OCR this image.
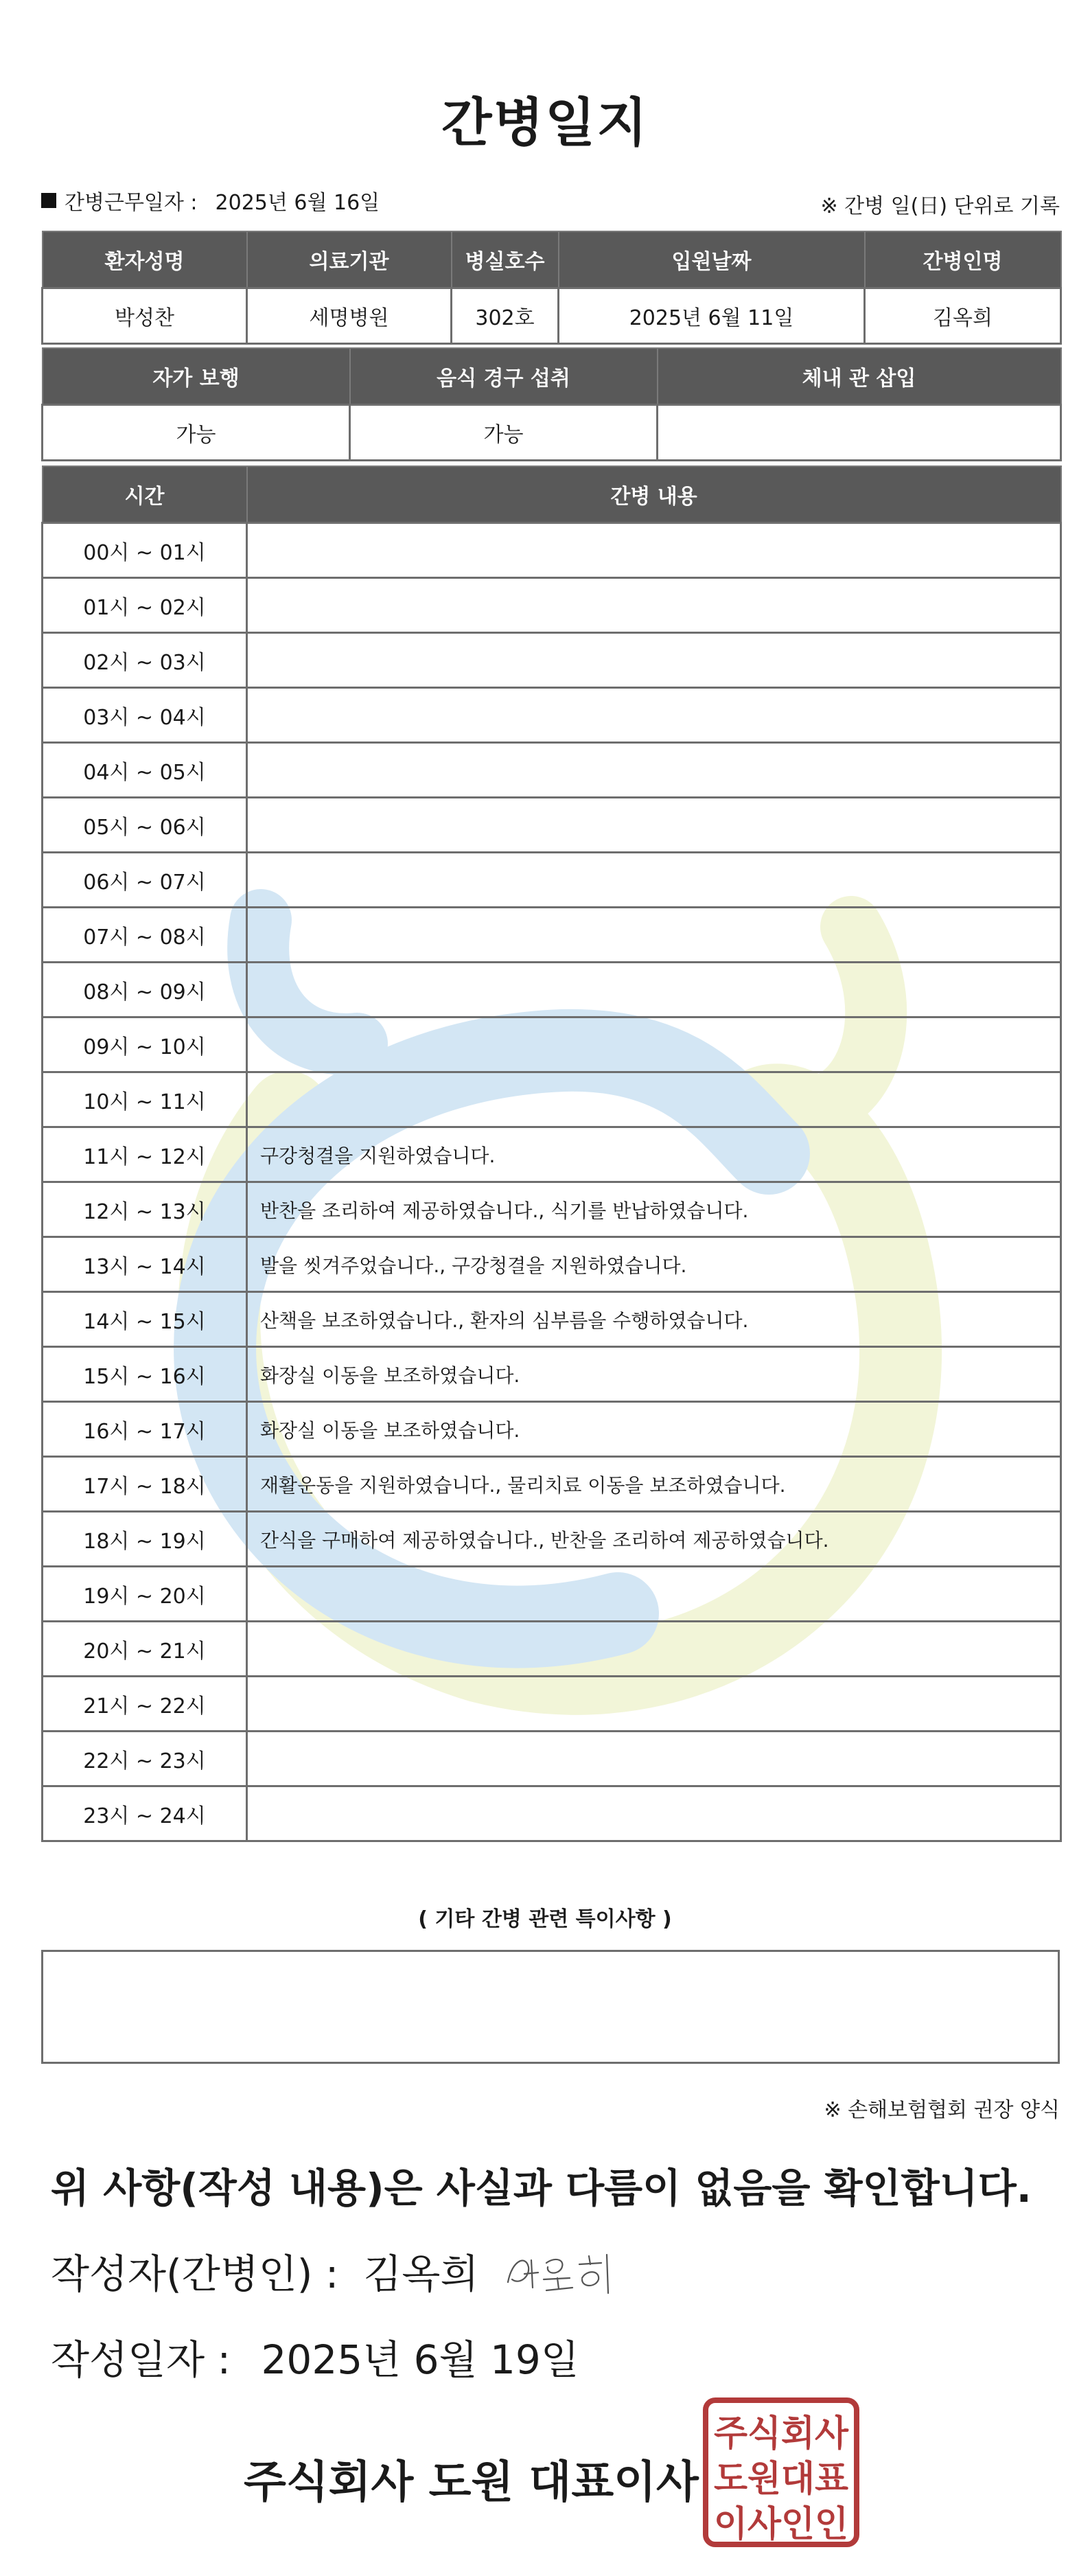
간병일지
간병근무일자 : 2025년 6월 16일	※ 간병 일(日) 단위로 기록
환자성명	의료기관	병실호수	입원날짜	간병인명
박성찬	세명병원	302호	2025년 6월 11일	김옥희
자가 보행	음식 경구 섭취	체내 관 삽입
가능	가능	
시간	간병 내용
00시 ~ 01시	
01시 ~ 02시	
02시 ~ 03시	
03시 ~ 04시	
04시 ~ 05시	
05시 ~ 06시	
06시 ~ 07시	
07시 ~ 08시	
08시 ~ 09시	
09시 ~ 10시	
10시 ~ 11시	
11시 ~ 12시	구강청결을 지원하였습니다.
12시 ~ 13시	반찬을 조리하여 제공하였습니다., 식기를 반납하였습니다.
13시 ~ 14시	발을 씻겨주었습니다., 구강청결을 지원하였습니다.
14시 ~ 15시	산책을 보조하였습니다., 환자의 심부름을 수행하였습니다.
15시 ~ 16시	화장실 이동을 보조하였습니다.
16시 ~ 17시	화장실 이동을 보조하였습니다.
17시 ~ 18시	재활운동을 지원하였습니다., 물리치료 이동을 보조하였습니다.
18시 ~ 19시	간식을 구매하여 제공하였습니다., 반찬을 조리하여 제공하였습니다.
19시 ~ 20시	
20시 ~ 21시	
21시 ~ 22시	
22시 ~ 23시	
23시 ~ 24시	
( 기타 간병 관련 특이사항 )
※ 손해보험협회 권장 양식
위 사항(작성 내용)은 사실과 다름이 없음을 확인합니다.
작성자(간병인) : 김옥희
작성일자 : 2025년 6월 19일
주식회사 도원 대표이사
주식회사
도원대표
이사인인
